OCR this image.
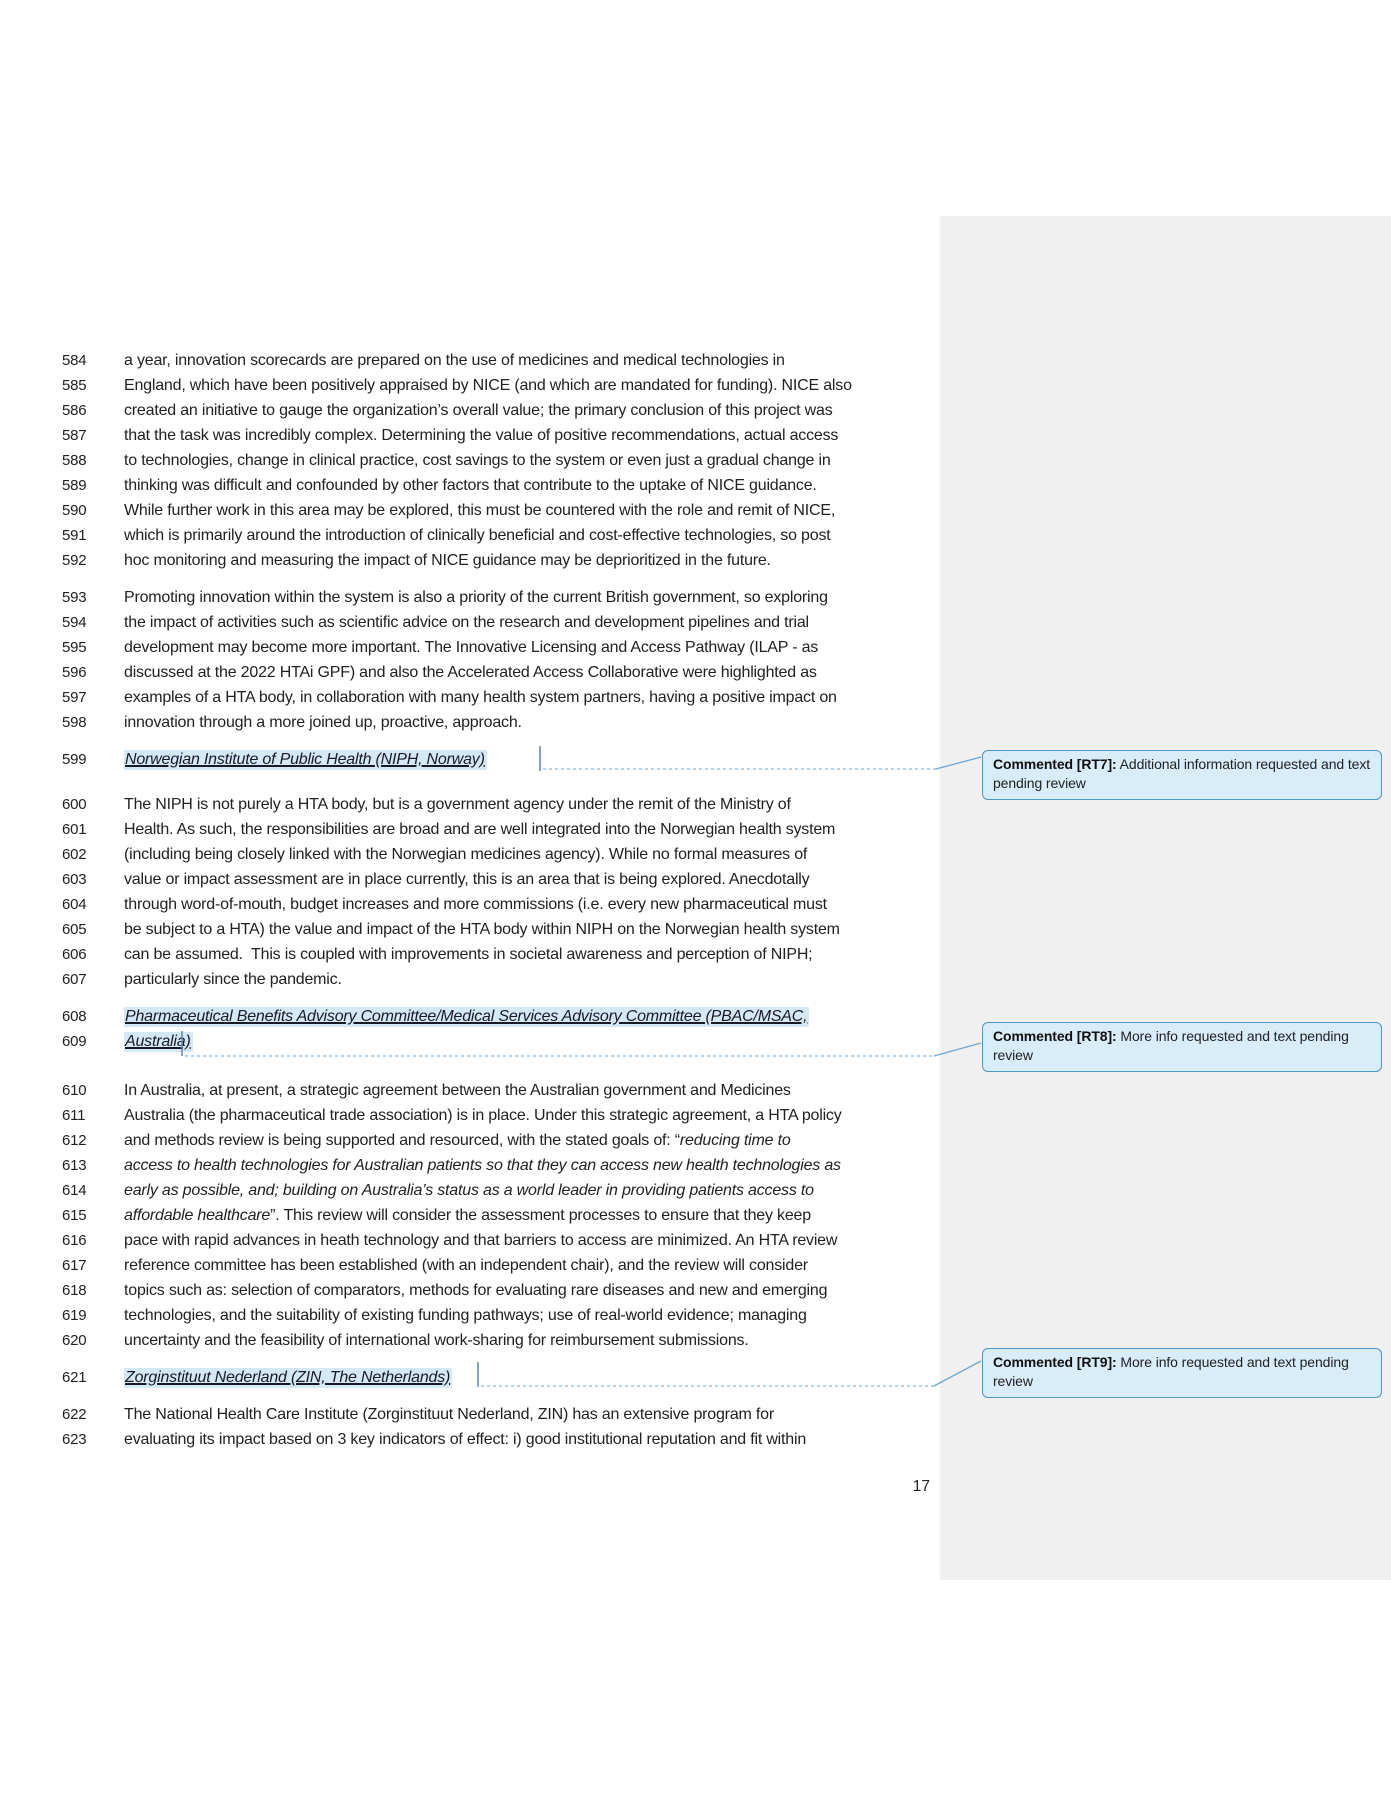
584	a year, innovation scorecards are prepared on the use of medicines and medical technologies in
585	England, which have been positively appraised by NICE (and which are mandated for funding). NICE also
586	created an initiative to gauge the organization’s overall value; the primary conclusion of this project was
587	that the task was incredibly complex. Determining the value of positive recommendations, actual access
588	to technologies, change in clinical practice, cost savings to the system or even just a gradual change in
589	thinking was difficult and confounded by other factors that contribute to the uptake of NICE guidance.
590	While further work in this area may be explored, this must be countered with the role and remit of NICE,
591	which is primarily around the introduction of clinically beneficial and cost-effective technologies, so post
592	hoc monitoring and measuring the impact of NICE guidance may be deprioritized in the future.
593	Promoting innovation within the system is also a priority of the current British government, so exploring
594	the impact of activities such as scientific advice on the research and development pipelines and trial
595	development may become more important. The Innovative Licensing and Access Pathway (ILAP - as
596	discussed at the 2022 HTAi GPF) and also the Accelerated Access Collaborative were highlighted as
597	examples of a HTA body, in collaboration with many health system partners, having a positive impact on
598	innovation through a more joined up, proactive, approach.
599	Norwegian Institute of Public Health (NIPH, Norway)
600	The NIPH is not purely a HTA body, but is a government agency under the remit of the Ministry of
601	Health. As such, the responsibilities are broad and are well integrated into the Norwegian health system
602	(including being closely linked with the Norwegian medicines agency). While no formal measures of
603	value or impact assessment are in place currently, this is an area that is being explored. Anecdotally
604	through word-of-mouth, budget increases and more commissions (i.e. every new pharmaceutical must
605	be subject to a HTA) the value and impact of the HTA body within NIPH on the Norwegian health system
606	can be assumed.  This is coupled with improvements in societal awareness and perception of NIPH;
607	particularly since the pandemic.
608	Pharmaceutical Benefits Advisory Committee/Medical Services Advisory Committee (PBAC/MSAC,
609	Australia)
610	In Australia, at present, a strategic agreement between the Australian government and Medicines
611	Australia (the pharmaceutical trade association) is in place. Under this strategic agreement, a HTA policy
612	and methods review is being supported and resourced, with the stated goals of: “reducing time to
613	access to health technologies for Australian patients so that they can access new health technologies as
614	early as possible, and; building on Australia’s status as a world leader in providing patients access to
615	affordable healthcare”. This review will consider the assessment processes to ensure that they keep
616	pace with rapid advances in heath technology and that barriers to access are minimized. An HTA review
617	reference committee has been established (with an independent chair), and the review will consider
618	topics such as: selection of comparators, methods for evaluating rare diseases and new and emerging
619	technologies, and the suitability of existing funding pathways; use of real-world evidence; managing
620	uncertainty and the feasibility of international work-sharing for reimbursement submissions.
621	Zorginstituut Nederland (ZIN, The Netherlands)
622	The National Health Care Institute (Zorginstituut Nederland, ZIN) has an extensive program for
623	evaluating its impact based on 3 key indicators of effect: i) good institutional reputation and fit within
Commented [RT7]: Additional information requested and text pending review
Commented [RT8]: More info requested and text pending review
Commented [RT9]: More info requested and text pending review
17
